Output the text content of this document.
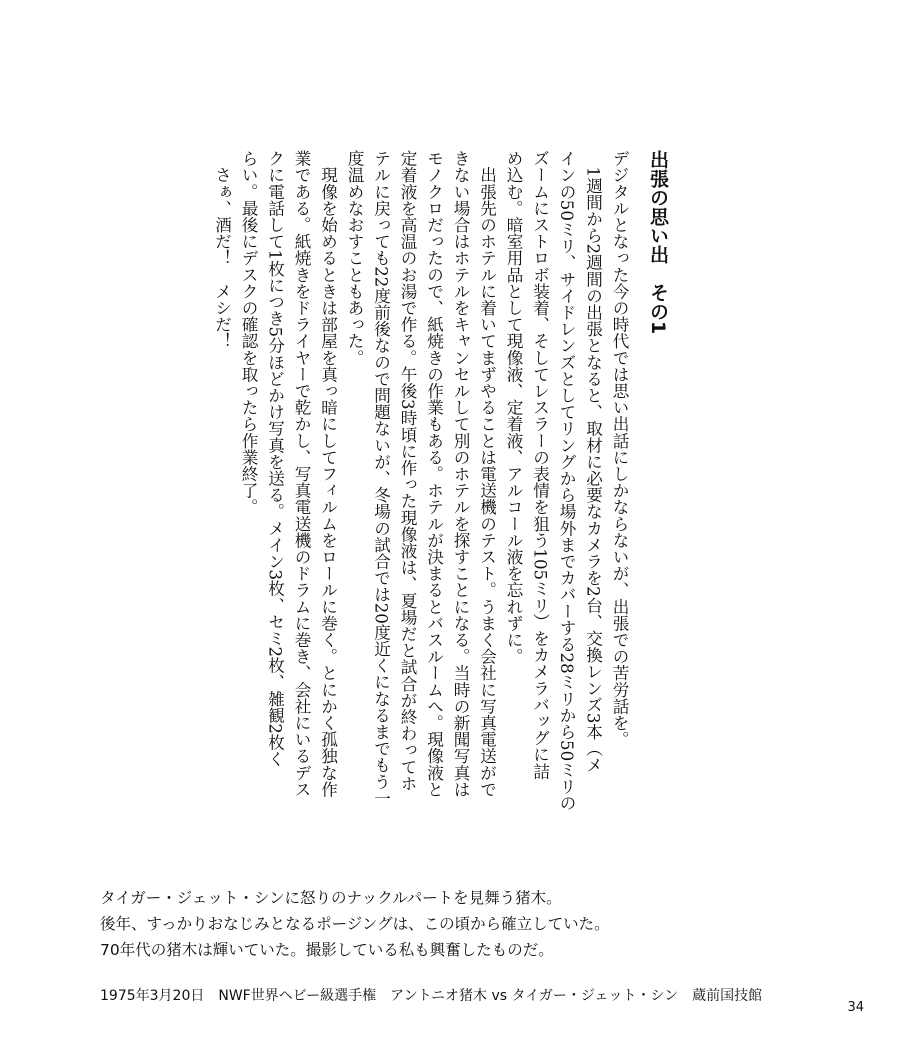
出張の思い出　その1
デジタルとなった今の時代では思い出話にしかならないが、出張での苦労話を。
　1週間から2週間の出張となると、取材に必要なカメラを2台、交換レンズ3本（メ
インの50ミリ、サイドレンズとしてリングから場外までカバーする28ミリから50ミリの
ズームにストロボ装着、そしてレスラーの表情を狙う105ミリ）をカメラバッグに詰
め込む。暗室用品として現像液、定着液、アルコール液を忘れずに。
　出張先のホテルに着いてまずやることは電送機のテスト。うまく会社に写真電送がで
きない場合はホテルをキャンセルして別のホテルを探すことになる。当時の新聞写真は
モノクロだったので、紙焼きの作業もある。ホテルが決まるとバスルームへ。現像液と
定着液を高温のお湯で作る。午後3時頃に作った現像液は、夏場だと試合が終わってホ
テルに戻っても22度前後なので問題ないが、冬場の試合では20度近くになるまでもう一
度温めなおすこともあった。
　現像を始めるときは部屋を真っ暗にしてフィルムをロールに巻く。とにかく孤独な作
業である。紙焼きをドライヤーで乾かし、写真電送機のドラムに巻き、会社にいるデス
クに電話して1枚につき5分ほどかけ写真を送る。メイン3枚、セミ2枚、雑観2枚く
らい。最後にデスクの確認を取ったら作業終了。
　さぁ、酒だ！　メシだ！
タイガー・ジェット・シンに怒りのナックルパートを見舞う猪木。
後年、すっかりおなじみとなるポージングは、この頃から確立していた。
70年代の猪木は輝いていた。撮影している私も興奮したものだ。
1975年3月20日　NWF世界ヘビー級選手権　アントニオ猪木 vs タイガー・ジェット・シン　蔵前国技館
34
